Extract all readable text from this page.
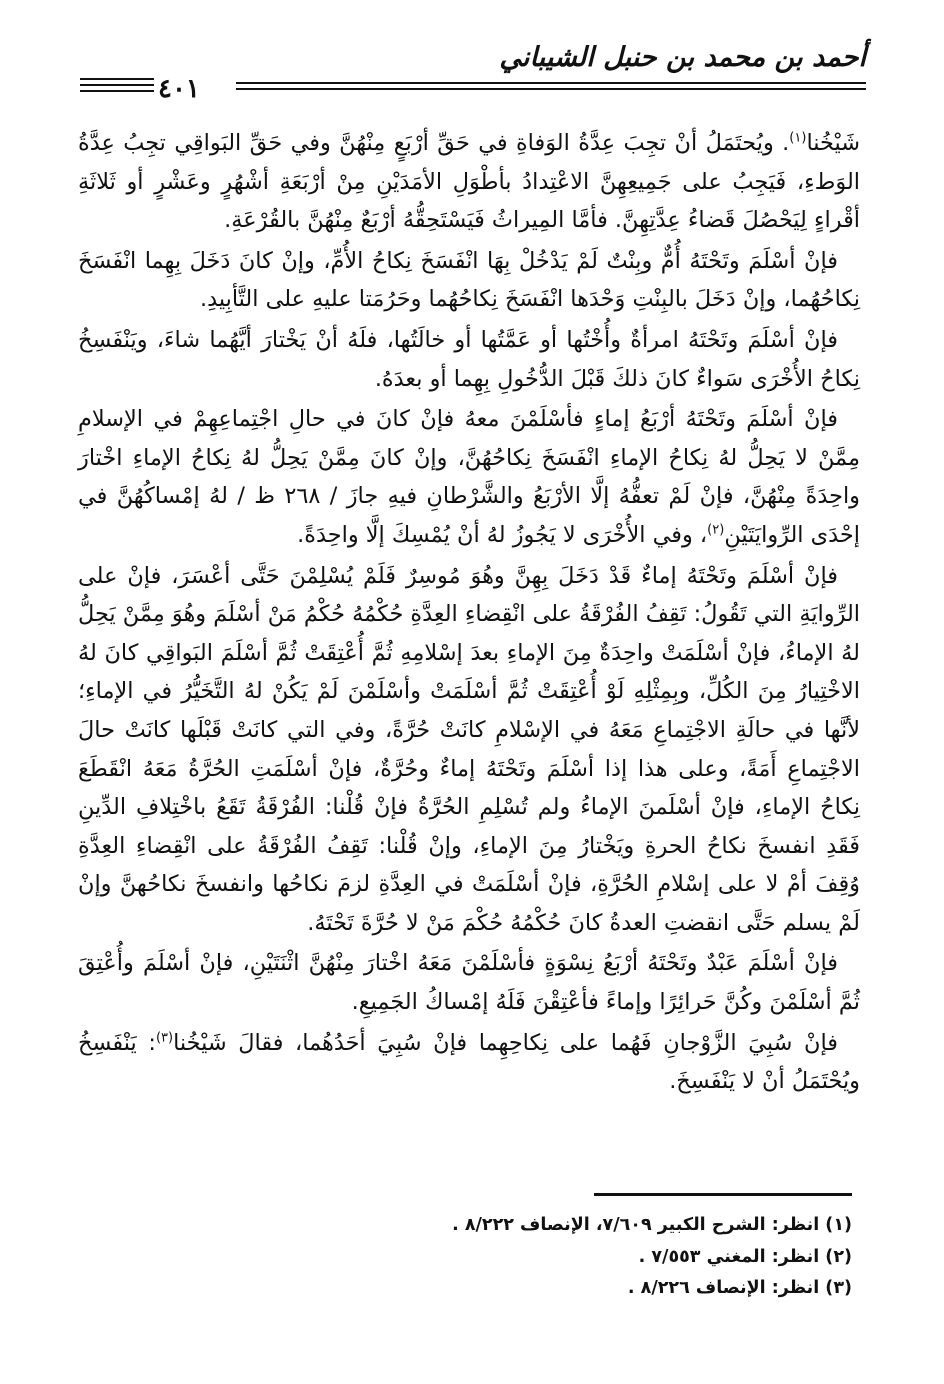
أحمد بن محمد بن حنبل الشيباني
٤٠١

شَيْخُنا$^{(١)}$. ويُحتَمَلُ أنْ تجِبَ عِدَّةُ الوَفاةِ في حَقِّ أرْبَعٍ مِنْهُنَّ وفي حَقِّ البَواقِي تجِبُ عِدَّةُ الوَطءِ، فَيَجِبُ على جَمِيعِهِنَّ الاعْتِدادُ بأطْوَلِ الأمَدَيْنِ مِنْ أرْبَعَةِ أشْهُرٍ وعَشْرٍ أو ثَلاثَةِ أقْراءٍ لِيَحْصُلَ قَضاءُ عِدَّتِهِنَّ. فأمَّا المِيراثُ فَيَسْتَحِقُّهُ أرْبَعٌ مِنْهُنَّ بالقُرْعَةِ.

فإنْ أسْلَمَ وتَحْتَهُ أُمٌّ وبِنْتٌ لَمْ يَدْخُلْ بِهَا انْفَسَخَ نِكاحُ الأُمِّ، وإنْ كانَ دَخَلَ بِهِما انْفَسَخَ نِكاحُهُما، وإنْ دَخَلَ بالبِنْتِ وَحْدَها انْفَسَخَ نِكاحُهُما وحَرُمَتا عليهِ على التَّأبِيدِ.

فإنْ أسْلَمَ وتَحْتَهُ امرأةٌ وأُخْتُها أو عَمَّتُها أو خالَتُها، فلَهُ أنْ يَخْتارَ أيَّهُما شاءَ، ويَنْفَسِخُ نِكاحُ الأُخْرَى سَواءٌ كانَ ذلكَ قَبْلَ الدُّخُولِ بِهِما أو بعدَهُ.

فإنْ أسْلَمَ وتَحْتَهُ أرْبَعُ إماءٍ فأسْلَمْنَ معهُ فإنْ كانَ في حالِ اجْتِماعِهِمْ في الإسلامِ مِمَّنْ لا يَحِلُّ لهُ نِكاحُ الإماءِ انْفَسَخَ نِكاحُهُنَّ، وإنْ كانَ مِمَّنْ يَحِلُّ لهُ نِكاحُ الإماءِ اخْتارَ واحِدَةً مِنْهُنَّ، فإنْ لَمْ تعفُّهُ إلَّا الأرْبَعُ والشَّرْطانِ فيهِ جازَ / ٢٦٨ ظ / لهُ إمْساكُهُنَّ في إحْدَى الرِّوايَتَيْنِ$^{(٢)}$، وفي الأُخْرَى لا يَجُوزُ لهُ أنْ يُمْسِكَ إلَّا واحِدَةً.

فإنْ أسْلَمَ وتَحْتَهُ إماءٌ قَدْ دَخَلَ بِهِنَّ وهُوَ مُوسِرٌ فَلَمْ يُسْلِمْنَ حَتَّى أعْسَرَ، فإنْ على الرِّوايَةِ التي تَقُولُ: تَقِفُ الفُرْقَةُ على انْقِضاءِ العِدَّةِ حُكْمُهُ حُكْمُ مَنْ أسْلَمَ وهُوَ مِمَّنْ يَحِلُّ لهُ الإماءُ، فإنْ أسْلَمَتْ واحِدَةٌ مِنَ الإماءِ بعدَ إسْلامِهِ ثُمَّ أُعْتِقَتْ ثُمَّ أسْلَمَ البَواقِي كانَ لهُ الاخْتِيارُ مِنَ الكُلِّ، وبِمِثْلِهِ لَوْ أُعْتِقَتْ ثُمَّ أسْلَمَتْ وأسْلَمْنَ لَمْ يَكُنْ لهُ التَّخَيُّرُ في الإماءِ؛ لأنَّها في حالَةِ الاجْتِماعِ مَعَهُ في الإسْلامِ كانَتْ حُرَّةً، وفي التي كانَتْ قَبْلَها كانَتْ حالَ الاجْتِماعِ أَمَةً، وعلى هذا إذا أسْلَمَ وتَحْتَهُ إماءٌ وحُرَّةٌ، فإنْ أسْلَمَتِ الحُرَّةُ مَعَهُ انْقَطَعَ نِكاحُ الإماءِ، فإنْ أسْلَمنَ الإماءُ ولم تُسْلِمِ الحُرَّةُ فإنْ قُلْنا: الفُرْقَةُ تَقَعُ باخْتِلافِ الدِّينِ فَقَدِ انفسخَ نكاحُ الحرةِ ويَخْتارُ مِنَ الإماءِ، وإنْ قُلْنا: تَقِفُ الفُرْقَةُ على انْقِضاءِ العِدَّةِ وُقِفَ أمْ لا على إسْلامِ الحُرَّةِ، فإنْ أسْلَمَتْ في العِدَّةِ لزمَ نكاحُها وانفسخَ نكاحُهنَّ وإنْ لَمْ يسلم حَتَّى انقضتِ العدةُ كانَ حُكْمُهُ حُكْمَ مَنْ لا حُرَّةَ تَحْتَهُ.

فإنْ أسْلَمَ عَبْدٌ وتَحْتَهُ أرْبَعُ نِسْوَةٍ فأسْلَمْنَ مَعَهُ اخْتارَ مِنْهُنَّ اثْنَتَيْنِ، فإنْ أسْلَمَ وأُعْتِقَ ثُمَّ أسْلَمْنَ وكُنَّ حَرائِرًا وإماءً فأعْتِقْنَ فَلَهُ إمْساكُ الجَمِيعِ.

فإنْ سُبِيَ الزَّوْجانِ فَهُما على نِكاحِهِما فإنْ سُبِيَ أحَدُهُما، فقالَ شَيْخُنا$^{(٣)}$: يَنْفَسِخُ ويُحْتَمَلُ أنْ لا يَنْفَسِخَ.

(١) انظر: الشرح الكبير ٧/٦٠٩، الإنصاف ٨/٢٢٢ .
(٢) انظر: المغني ٧/٥٥٣ .
(٣) انظر: الإنصاف ٨/٢٢٦ .
